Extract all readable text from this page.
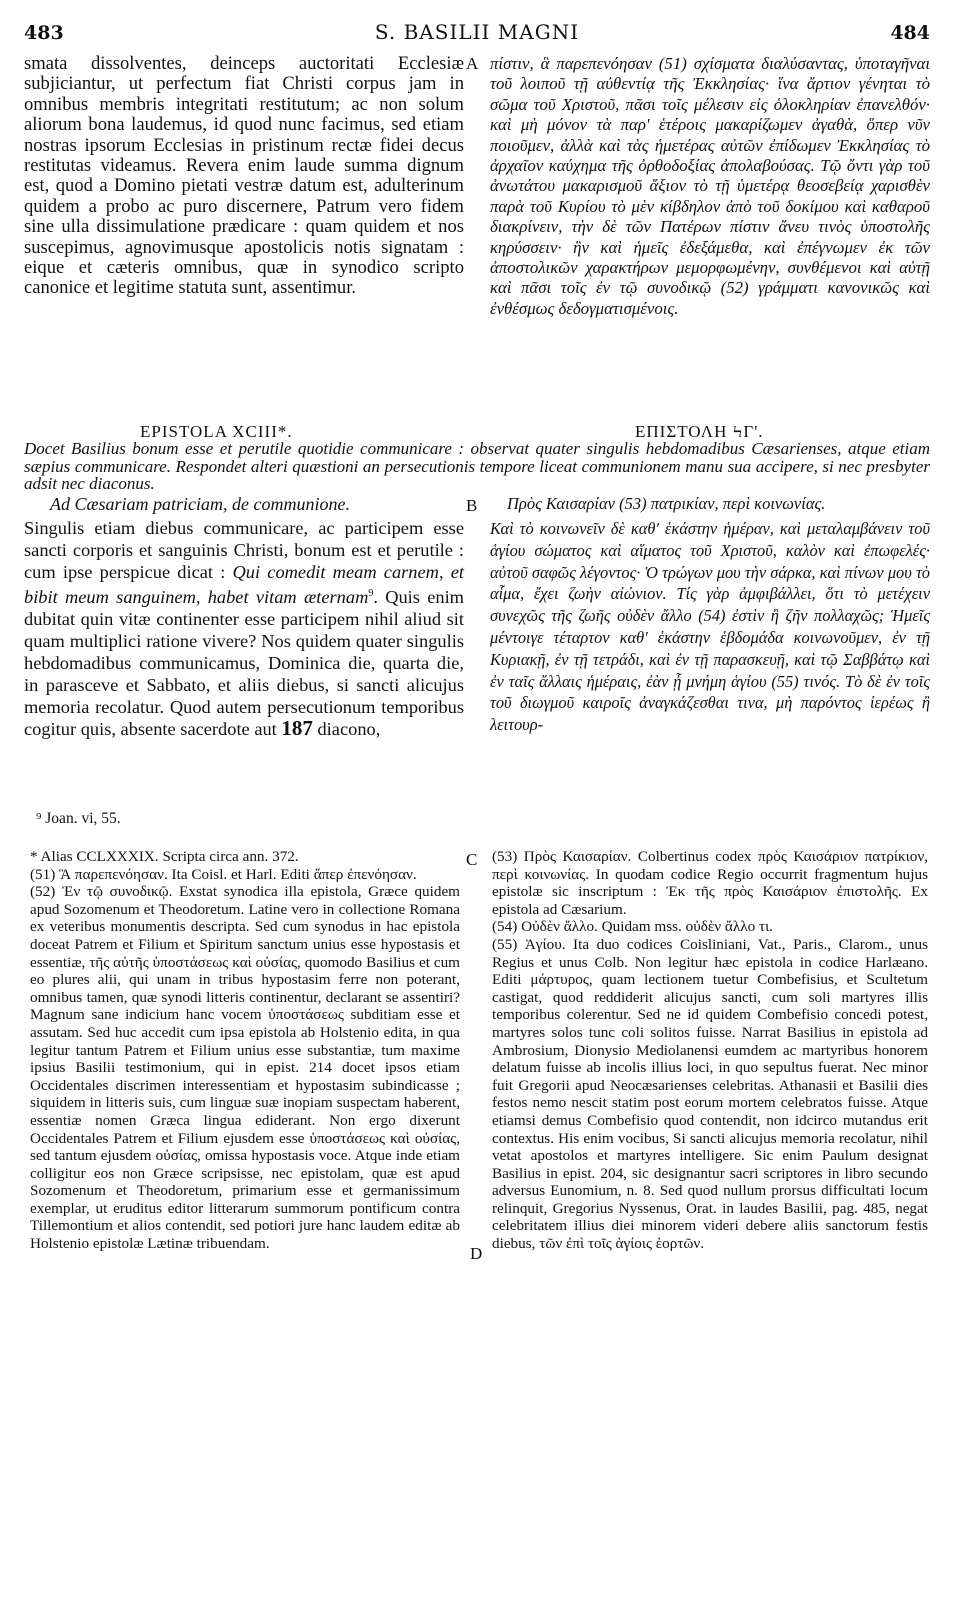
483	S. BASILII MAGNI	484
smata dissolventes, deinceps auctoritati Ecclesiæ subjiciantur, ut perfectum fiat Christi corpus jam in omnibus membris integritati restitutum; ac non solum aliorum bona laudemus, id quod nunc facimus, sed etiam nostras ipsorum Ecclesias in pristinum rectæ fidei decus restitutas videamus. Revera enim laude summa dignum est, quod a Domino pietati vestræ datum est, adulterinum quidem a probo ac puro discernere, Patrum vero fidem sine ulla dissimulatione prædicare : quam quidem et nos suscepimus, agnovimusque apostolicis notis signatam : eique et cæteris omnibus, quæ in synodico scripto canonice et legitime statuta sunt, assentimur.
A πίστιν, ἃ παρεπενόησαν (51) σχίσματα διαλύσαντας, ὑποταγῆναι τοῦ λοιποῦ τῇ αὐθεντίᾳ τῆς Ἐκκλησίας· ἵνα ἄρτιον γένηται τὸ σῶμα τοῦ Χριστοῦ, πᾶσι τοῖς μέλεσιν εἰς ὁλοκληρίαν ἐπανελθόν· καὶ μὴ μόνον τὰ παρ' ἑτέροις μακαρίζωμεν ἀγαθὰ, ὅπερ νῦν ποιοῦμεν, ἀλλὰ καὶ τὰς ἡμετέρας αὐτῶν ἐπίδωμεν Ἐκκλησίας τὸ ἀρχαῖον καύχημα τῆς ὀρθοδοξίας ἀπολαβούσας. Τῷ ὄντι γὰρ τοῦ ἀνωτάτου μακαρισμοῦ ἄξιον τὸ τῇ ὑμετέρᾳ θεοσεβείᾳ χαρισθὲν παρὰ τοῦ Κυρίου τὸ μὲν κίβδηλον ἀπὸ τοῦ δοκίμου καὶ καθαροῦ διακρίνειν, τὴν δὲ τῶν Πατέρων πίστιν ἄνευ τινὸς ὑποστολῆς κηρύσσειν· ἣν καὶ ἡμεῖς ἐδεξάμεθα, καὶ ἐπέγνωμεν ἐκ τῶν ἀποστολικῶν χαρακτήρων μεμορφωμένην, συνθέμενοι καὶ αὐτῇ καὶ πᾶσι τοῖς ἐν τῷ συνοδικῷ (52) γράμματι κανονικῶς καὶ ἐνθέσμως δεδογματισμένοις.
EPISTOLA XCIII*.	ΕΠΙΣΤΟΛΗ ϞΓ'.
Docet Basilius bonum esse et perutile quotidie communicare : observat quater singulis hebdomadibus Cæsarienses, atque etiam sæpius communicare. Respondet alteri quæstioni an persecutionis tempore liceat communionem manu sua accipere, si nec presbyter adsit nec diaconus.
Ad Cæsariam patriciam, de communione.	B Πρὸς Καισαρίαν (53) πατρικίαν, περὶ κοινωνίας.
Singulis etiam diebus communicare, ac participem esse sancti corporis et sanguinis Christi, bonum est et perutile : cum ipse perspicue dicat : Qui comedit meam carnem, et bibit meum sanguinem, habet vitam æternam$^9$. Quis enim dubitat quin vitæ continenter esse participem nihil aliud sit quam multiplici ratione vivere? Nos quidem quater singulis hebdomadibus communicamus, Dominica die, quarta die, in parasceve et Sabbato, et aliis diebus, si sancti alicujus memoria recolatur. Quod autem persecutionum temporibus cogitur quis, absente sacerdote aut 187 diacono,
Καὶ τὸ κοινωνεῖν δὲ καθ' ἑκάστην ἡμέραν, καὶ μεταλαμβάνειν τοῦ ἁγίου σώματος καὶ αἵματος τοῦ Χριστοῦ, καλὸν καὶ ἐπωφελές· αὐτοῦ σαφῶς λέγοντος· Ὁ τρώγων μου τὴν σάρκα, καὶ πίνων μου τὸ αἷμα, ἔχει ζωὴν αἰώνιον. Τίς γὰρ ἀμφιβάλλει, ὅτι τὸ μετέχειν συνεχῶς τῆς ζωῆς οὐδὲν ἄλλο (54) ἐστὶν ἢ ζῆν πολλαχῶς; Ἡμεῖς μέντοιγε τέταρτον καθ' ἑκάστην ἑβδομάδα κοινωνοῦμεν, ἐν τῇ Κυριακῇ, ἐν τῇ τετράδι, καὶ ἐν τῇ παρασκευῇ, καὶ τῷ Σαββάτῳ καὶ ἐν ταῖς ἄλλαις ἡμέραις, ἐὰν ᾖ μνήμη ἁγίου (55) τινός. Τὸ δὲ ἐν τοῖς τοῦ διωγμοῦ καιροῖς ἀναγκάζεσθαι τινα, μὴ παρόντος ἱερέως ἢ λειτουρ-
⁹ Joan. vi, 55.

* Alias CCLXXXIX. Scripta circa ann. 372.

(51) Ἃ παρεπενόησαν. Ita Coisl. et Harl. Editi ἄπερ ἐπενόησαν.

(52) Ἐν τῷ συνοδικῷ. Exstat synodica illa epistola, Græce quidem apud Sozomenum et Theodoretum. Latine vero in collectione Romana ex veteribus monumentis descripta. Sed cum synodus in hac epistola doceat Patrem et Filium et Spiritum sanctum unius esse hypostasis et essentiæ, τῆς αὐτῆς ὑποστάσεως καὶ οὐσίας, quomodo Basilius et cum eo plures alii, qui unam in tribus hypostasim ferre non poterant, omnibus tamen, quæ synodi litteris continentur, declarant se assentiri? Magnum sane indicium hanc vocem ὑποστάσεως subditiam esse et assutam. Sed huc accedit cum ipsa epistola ab Holstenio edita, in qua legitur tantum Patrem et Filium unius esse substantiæ, tum maxime ipsius Basilii testimonium, qui in epist. 214 docet ipsos etiam Occidentales discrimen interessentiam et hypostasim subindicasse ; siquidem in litteris suis, cum linguæ suæ inopiam suspectam haberent, essentiæ nomen Græca lingua ediderant. Non ergo dixerunt Occidentales Patrem et Filium ejusdem esse ὑποστάσεως καὶ οὐσίας, sed tantum ejusdem οὐσίας, omissa hypostasis voce. Atque inde etiam colligitur eos non Græce scripsisse, nec epistolam, quæ est apud Sozomenum et Theodoretum, primarium esse et germanissimum exemplar, ut eruditus editor litterarum summorum pontificum contra Tillemontium et alios contendit, sed potiori jure hanc laudem editæ ab Holstenio epistolæ Lætinæ tribuendam.

C
D

(53) Πρὸς Καισαρίαν. Colbertinus codex πρὸς Καισάριον πατρίκιον, περὶ κοινωνίας. In quodam codice Regio occurrit fragmentum hujus epistolæ sic inscriptum : Ἐκ τῆς πρὸς Καισάριον ἐπιστολῆς. Ex epistola ad Cæsarium.

(54) Οὐδὲν ἄλλο. Quidam mss. οὐδὲν ἄλλο τι.

(55) Ἁγίου. Ita duo codices Coisliniani, Vat., Paris., Clarom., unus Regius et unus Colb. Non legitur hæc epistola in codice Harlæano. Editi μάρτυρος, quam lectionem tuetur Combefisius, et Scultetum castigat, quod reddiderit alicujus sancti, cum soli martyres illis temporibus colerentur. Sed ne id quidem Combefisio concedi potest, martyres solos tunc coli solitos fuisse. Narrat Basilius in epistola ad Ambrosium, Dionysio Mediolanensi eumdem ac martyribus honorem delatum fuisse ab incolis illius loci, in quo sepultus fuerat. Nec minor fuit Gregorii apud Neocæsarienses celebritas. Athanasii et Basilii dies festos nemo nescit statim post eorum mortem celebratos fuisse. Atque etiamsi demus Combefisio quod contendit, non idcirco mutandus erit contextus. His enim vocibus, Si sancti alicujus memoria recolatur, nihil vetat apostolos et martyres intelligere. Sic enim Paulum designat Basilius in epist. 204, sic designantur sacri scriptores in libro secundo adversus Eunomium, n. 8. Sed quod nullum prorsus difficultati locum relinquit, Gregorius Nyssenus, Orat. in laudes Basilii, pag. 485, negat celebritatem illius diei minorem videri debere aliis sanctorum festis diebus, τῶν ἐπὶ τοῖς ἁγίοις ἑορτῶν.
